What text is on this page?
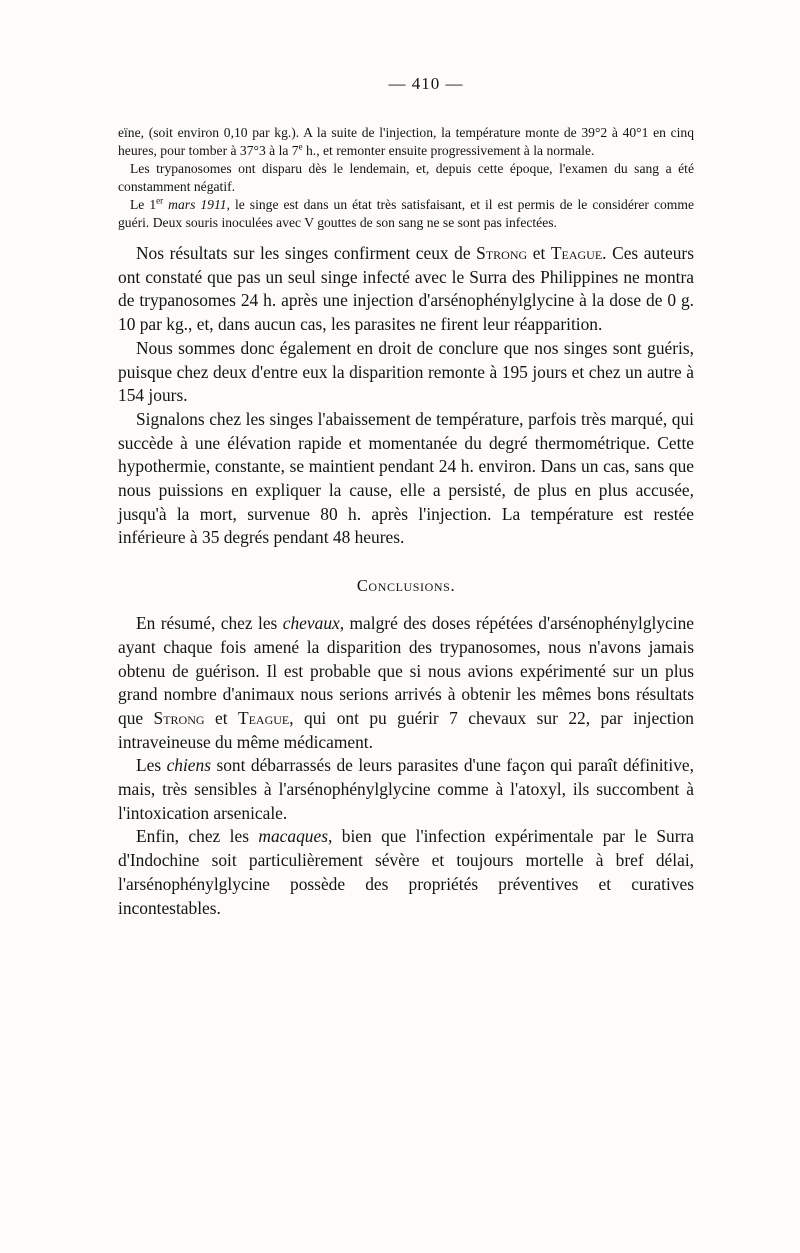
— 410 —

eïne, (soit environ 0,10 par kg.). A la suite de l'injection, la température monte de 39°2 à 40°1 en cinq heures, pour tomber à 37°3 à la 7e h., et remonter ensuite progressivement à la normale.

Les trypanosomes ont disparu dès le lendemain, et, depuis cette époque, l'examen du sang a été constamment négatif.

Le 1er mars 1911, le singe est dans un état très satisfaisant, et il est permis de le considérer comme guéri. Deux souris inoculées avec V gouttes de son sang ne se sont pas infectées.

Nos résultats sur les singes confirment ceux de Strong et Teague. Ces auteurs ont constaté que pas un seul singe infecté avec le Surra des Philippines ne montra de trypanosomes 24 h. après une injection d'arsénophénylglycine à la dose de 0 g. 10 par kg., et, dans aucun cas, les parasites ne firent leur réapparition.

Nous sommes donc également en droit de conclure que nos singes sont guéris, puisque chez deux d'entre eux la disparition remonte à 195 jours et chez un autre à 154 jours.

Signalons chez les singes l'abaissement de température, parfois très marqué, qui succède à une élévation rapide et momentanée du degré thermométrique. Cette hypothermie, constante, se maintient pendant 24 h. environ. Dans un cas, sans que nous puissions en expliquer la cause, elle a persisté, de plus en plus accusée, jusqu'à la mort, survenue 80 h. après l'injection. La température est restée inférieure à 35 degrés pendant 48 heures.

Conclusions.

En résumé, chez les chevaux, malgré des doses répétées d'arsénophénylglycine ayant chaque fois amené la disparition des trypanosomes, nous n'avons jamais obtenu de guérison. Il est probable que si nous avions expérimenté sur un plus grand nombre d'animaux nous serions arrivés à obtenir les mêmes bons résultats que Strong et Teague, qui ont pu guérir 7 chevaux sur 22, par injection intraveineuse du même médicament.

Les chiens sont débarrassés de leurs parasites d'une façon qui paraît définitive, mais, très sensibles à l'arsénophénylglycine comme à l'atoxyl, ils succombent à l'intoxication arsenicale.

Enfin, chez les macaques, bien que l'infection expérimentale par le Surra d'Indochine soit particulièrement sévère et toujours mortelle à bref délai, l'arsénophénylglycine possède des propriétés préventives et curatives incontestables.
